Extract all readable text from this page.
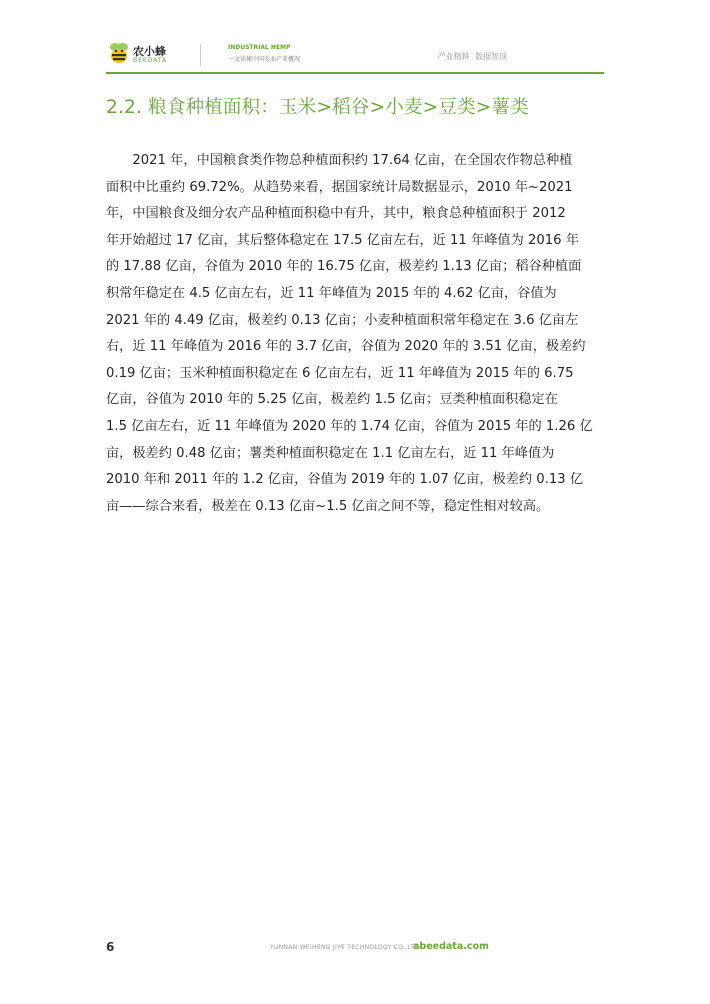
农小蜂
BEEDATA
INDUSTRIAL HEMP
一文读懂中国农业产业概况	产业精耕 数据智现
2.2. 粮食种植面积：玉米>稻谷>小麦>豆类>薯类
　　2021 年，中国粮食类作物总种植面积约 17.64 亿亩，在全国农作物总种植
面积中比重约 69.72%。从趋势来看，据国家统计局数据显示，2010 年~2021
年，中国粮食及细分农产品种植面积稳中有升，其中，粮食总种植面积于 2012
年开始超过 17 亿亩，其后整体稳定在 17.5 亿亩左右，近 11 年峰值为 2016 年
的 17.88 亿亩，谷值为 2010 年的 16.75 亿亩，极差约 1.13 亿亩；稻谷种植面
积常年稳定在 4.5 亿亩左右，近 11 年峰值为 2015 年的 4.62 亿亩，谷值为
2021 年的 4.49 亿亩，极差约 0.13 亿亩；小麦种植面积常年稳定在 3.6 亿亩左
右，近 11 年峰值为 2016 年的 3.7 亿亩，谷值为 2020 年的 3.51 亿亩，极差约
0.19 亿亩；玉米种植面积稳定在 6 亿亩左右，近 11 年峰值为 2015 年的 6.75
亿亩，谷值为 2010 年的 5.25 亿亩，极差约 1.5 亿亩；豆类种植面积稳定在
1.5 亿亩左右，近 11 年峰值为 2020 年的 1.74 亿亩，谷值为 2015 年的 1.26 亿
亩，极差约 0.48 亿亩；薯类种植面积稳定在 1.1 亿亩左右，近 11 年峰值为
2010 年和 2011 年的 1.2 亿亩，谷值为 2019 年的 1.07 亿亩，极差约 0.13 亿
亩——综合来看，极差在 0.13 亿亩~1.5 亿亩之间不等，稳定性相对较高。
6	YUNNAN WEIHENG JIYE TECHNOLOGY CO.,LTD.
abeedata.com
